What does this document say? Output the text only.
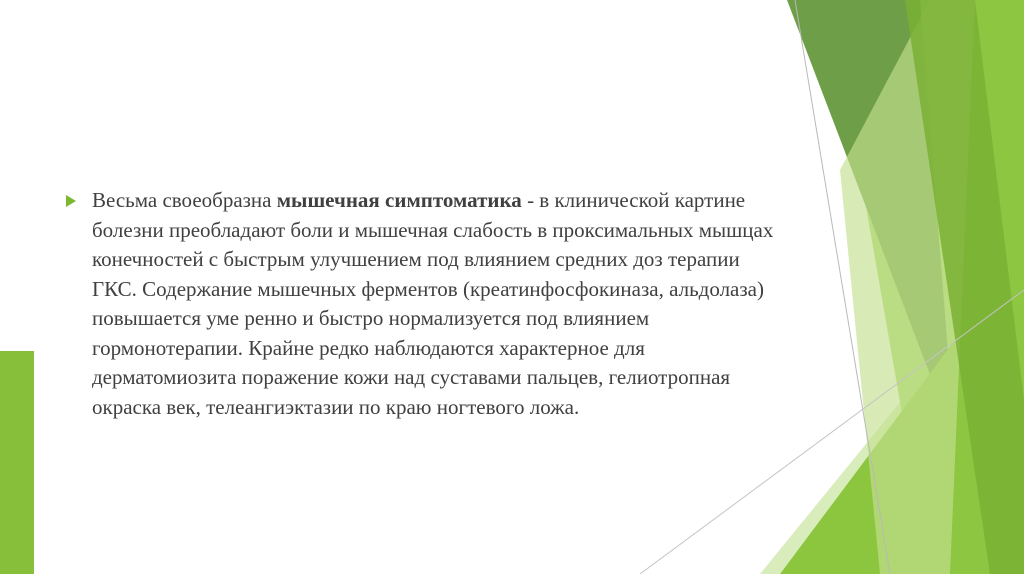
Весьма своеобразна мышечная симптоматика - в клинической картине болезни преобладают боли и мышечная слабость в проксимальных мышцах конечностей с быстрым улучшением под влиянием средних доз терапии ГКС. Содержание мышечных ферментов (креатинфосфокиназа, альдолаза) повышается уме ренно и быстро нормализуется под влиянием гормонотерапии. Крайне редко наблюдаются характерное для дерматомиозита поражение кожи над суставами пальцев, гелиотропная окраска век, телеангиэктазии по краю ногтевого ложа.
